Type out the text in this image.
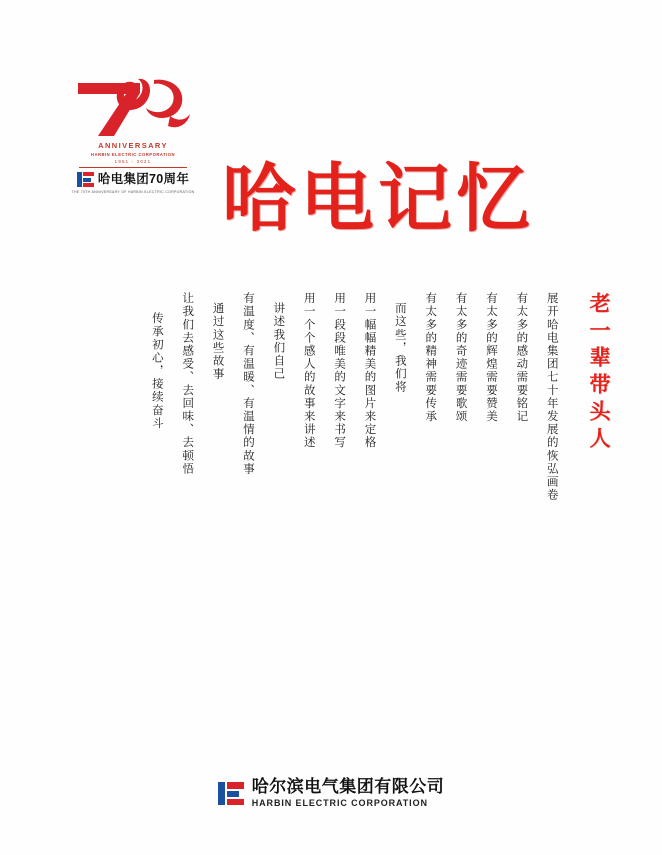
ANNIVERSARY
HARBIN ELECTRIC CORPORATION
1951 - 2021
哈电集团70周年
THE 70TH ANNIVERSARY OF HARBIN ELECTRIC CORPORATION 哈电记忆
老一辈带头人
展开哈电集团七十年发展的恢弘画卷
有太多的感动需要铭记
有太多的辉煌需要赞美
有太多的奇迹需要歌颂
有太多的精神需要传承
而这些，我们将
用一幅幅精美的图片来定格
用一段段唯美的文字来书写
用一个个感人的故事来讲述
讲述我们自己
有温度、有温暖、有温情的故事
通过这些故事
让我们去感受、去回味、去顿悟
传承初心，接续奋斗
哈尔滨电气集团有限公司
HARBIN ELECTRIC CORPORATION
